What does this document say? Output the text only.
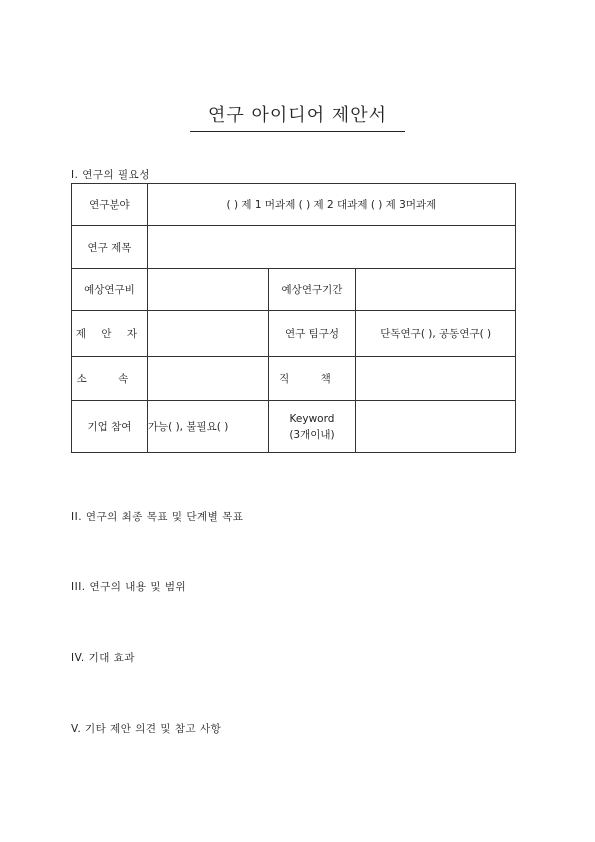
연구 아이디어 제안서
I. 연구의 필요성
연구분야	( ) 제 1 머과제 ( ) 제 2 대과제 ( ) 제 3머과제		
연구 제목			
예상연구비		예상연구기간	
제 안 자		연구 팀구성	단독연구( ), 공동연구( )
소 속		직 책	
기업 참여	가능( ), 불필요( )	Keyword
(3개이내)	

II. 연구의 최종 목표 및 단계별 목표
III. 연구의 내용 및 범위
IV. 기대 효과
V. 기타 제안 의견 및 참고 사항
